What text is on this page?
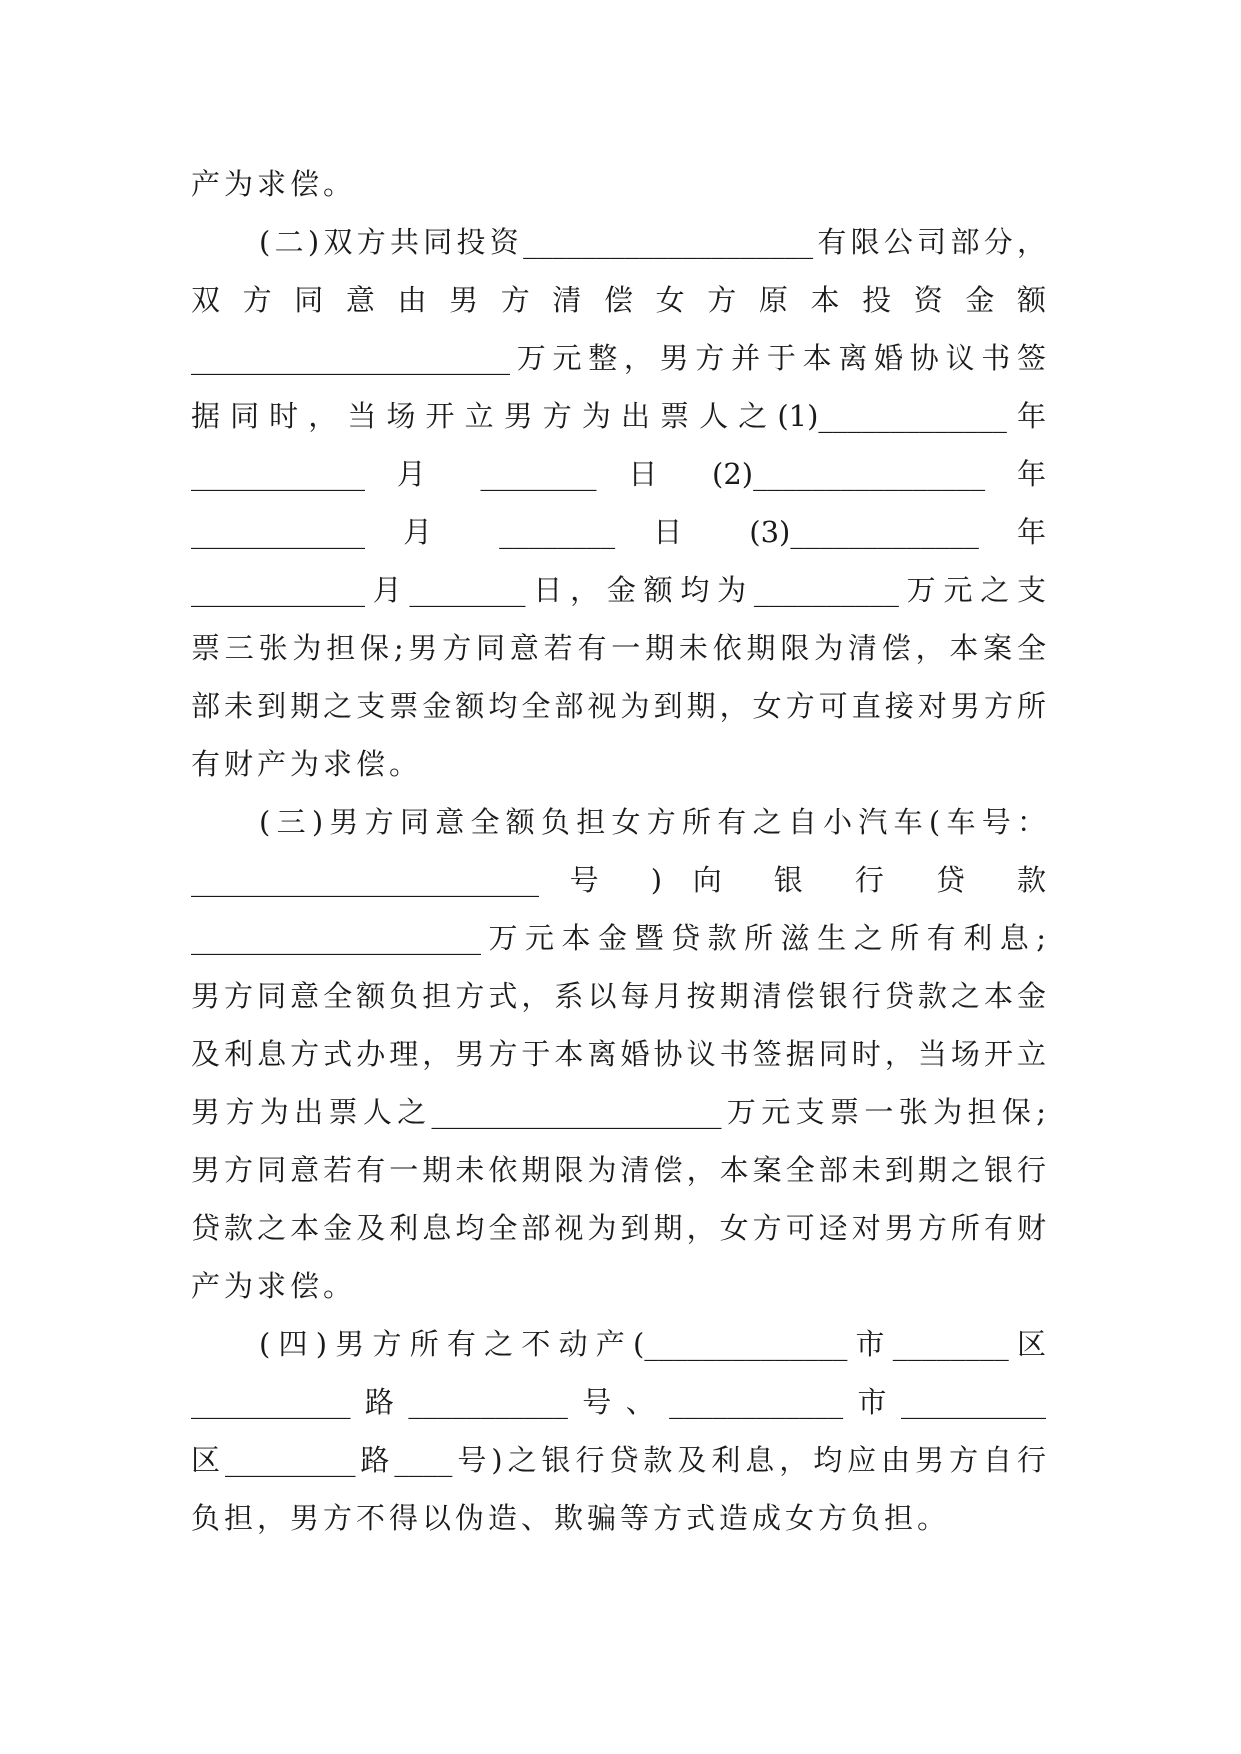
产为求偿。
(二)双方共同投资____________________有限公司部分，
双 方 同 意 由 男 方 清 偿 女 方 原 本 投 资 金 额
______________________万元整，男方并于本离婚协议书签
据同时，当场开立男方为出票人之(1)_____________年
____________ 月 ________ 日 (2)________________ 年
____________ 月 ________ 日 (3)_____________ 年
____________月________日，金额均为__________万元之支
票三张为担保;男方同意若有一期未依期限为清偿，本案全
部未到期之支票金额均全部视为到期，女方可直接对男方所
有财产为求偿。
(三)男方同意全额负担女方所有之自小汽车(车号：
________________________ 号 ) 向 银 行 贷 款
____________________万元本金暨贷款所滋生之所有利息;
男方同意全额负担方式，系以每月按期清偿银行贷款之本金
及利息方式办理，男方于本离婚协议书签据同时，当场开立
男方为出票人之____________________万元支票一张为担保;
男方同意若有一期未依期限为清偿，本案全部未到期之银行
贷款之本金及利息均全部视为到期，女方可迳对男方所有财
产为求偿。
(四)男方所有之不动产(______________市________区
___________路___________号、____________市__________
区_________路____号)之银行贷款及利息，均应由男方自行
负担，男方不得以伪造、欺骗等方式造成女方负担。
